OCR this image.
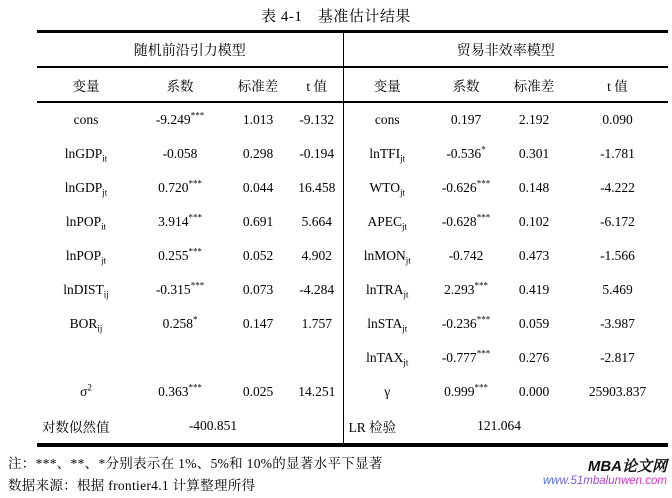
表 4-1　基准估计结果
随机前沿引力模型				贸易非效率模型			
变量	系数	标准差	t 值	变量	系数	标准差	t 值
cons	-9.249***	1.013	-9.132	cons	0.197	2.192	0.090
lnGDP$_{it}$	-0.058	0.298	-0.194	lnTFI$_{jt}$	-0.536*	0.301	-1.781
lnGDP$_{jt}$	0.720***	0.044	16.458	$WTO_{jt}$	-0.626***	0.148	-4.222
lnPOP$_{it}$	3.914***	0.691	5.664	$APEC_{jt}$	-0.628***	0.102	-6.172
lnPOP$_{jt}$	0.255***	0.052	4.902	lnMON$_{jt}$	-0.742	0.473	-1.566
lnDIST$_{ij}$	-0.315***	0.073	-4.284	lnTRA$_{jt}$	2.293***	0.419	5.469
$BOR_{ij}$	0.258*	0.147	1.757	lnSTA$_{jt}$	-0.236***	0.059	-3.987
				lnTAX$_{jt}$	-0.777***	0.276	-2.817
$\sigma^2$	0.363***	0.025	14.251	γ	0.999***	0.000	25903.837
对数似然值	-400.851			LR 检验	121.064		
注：***、**、*分别表示在 1%、5%和 10%的显著水平下显著
数据来源：根据 frontier4.1 计算整理所得
MBA论文网
www.51mbalunwen.com
